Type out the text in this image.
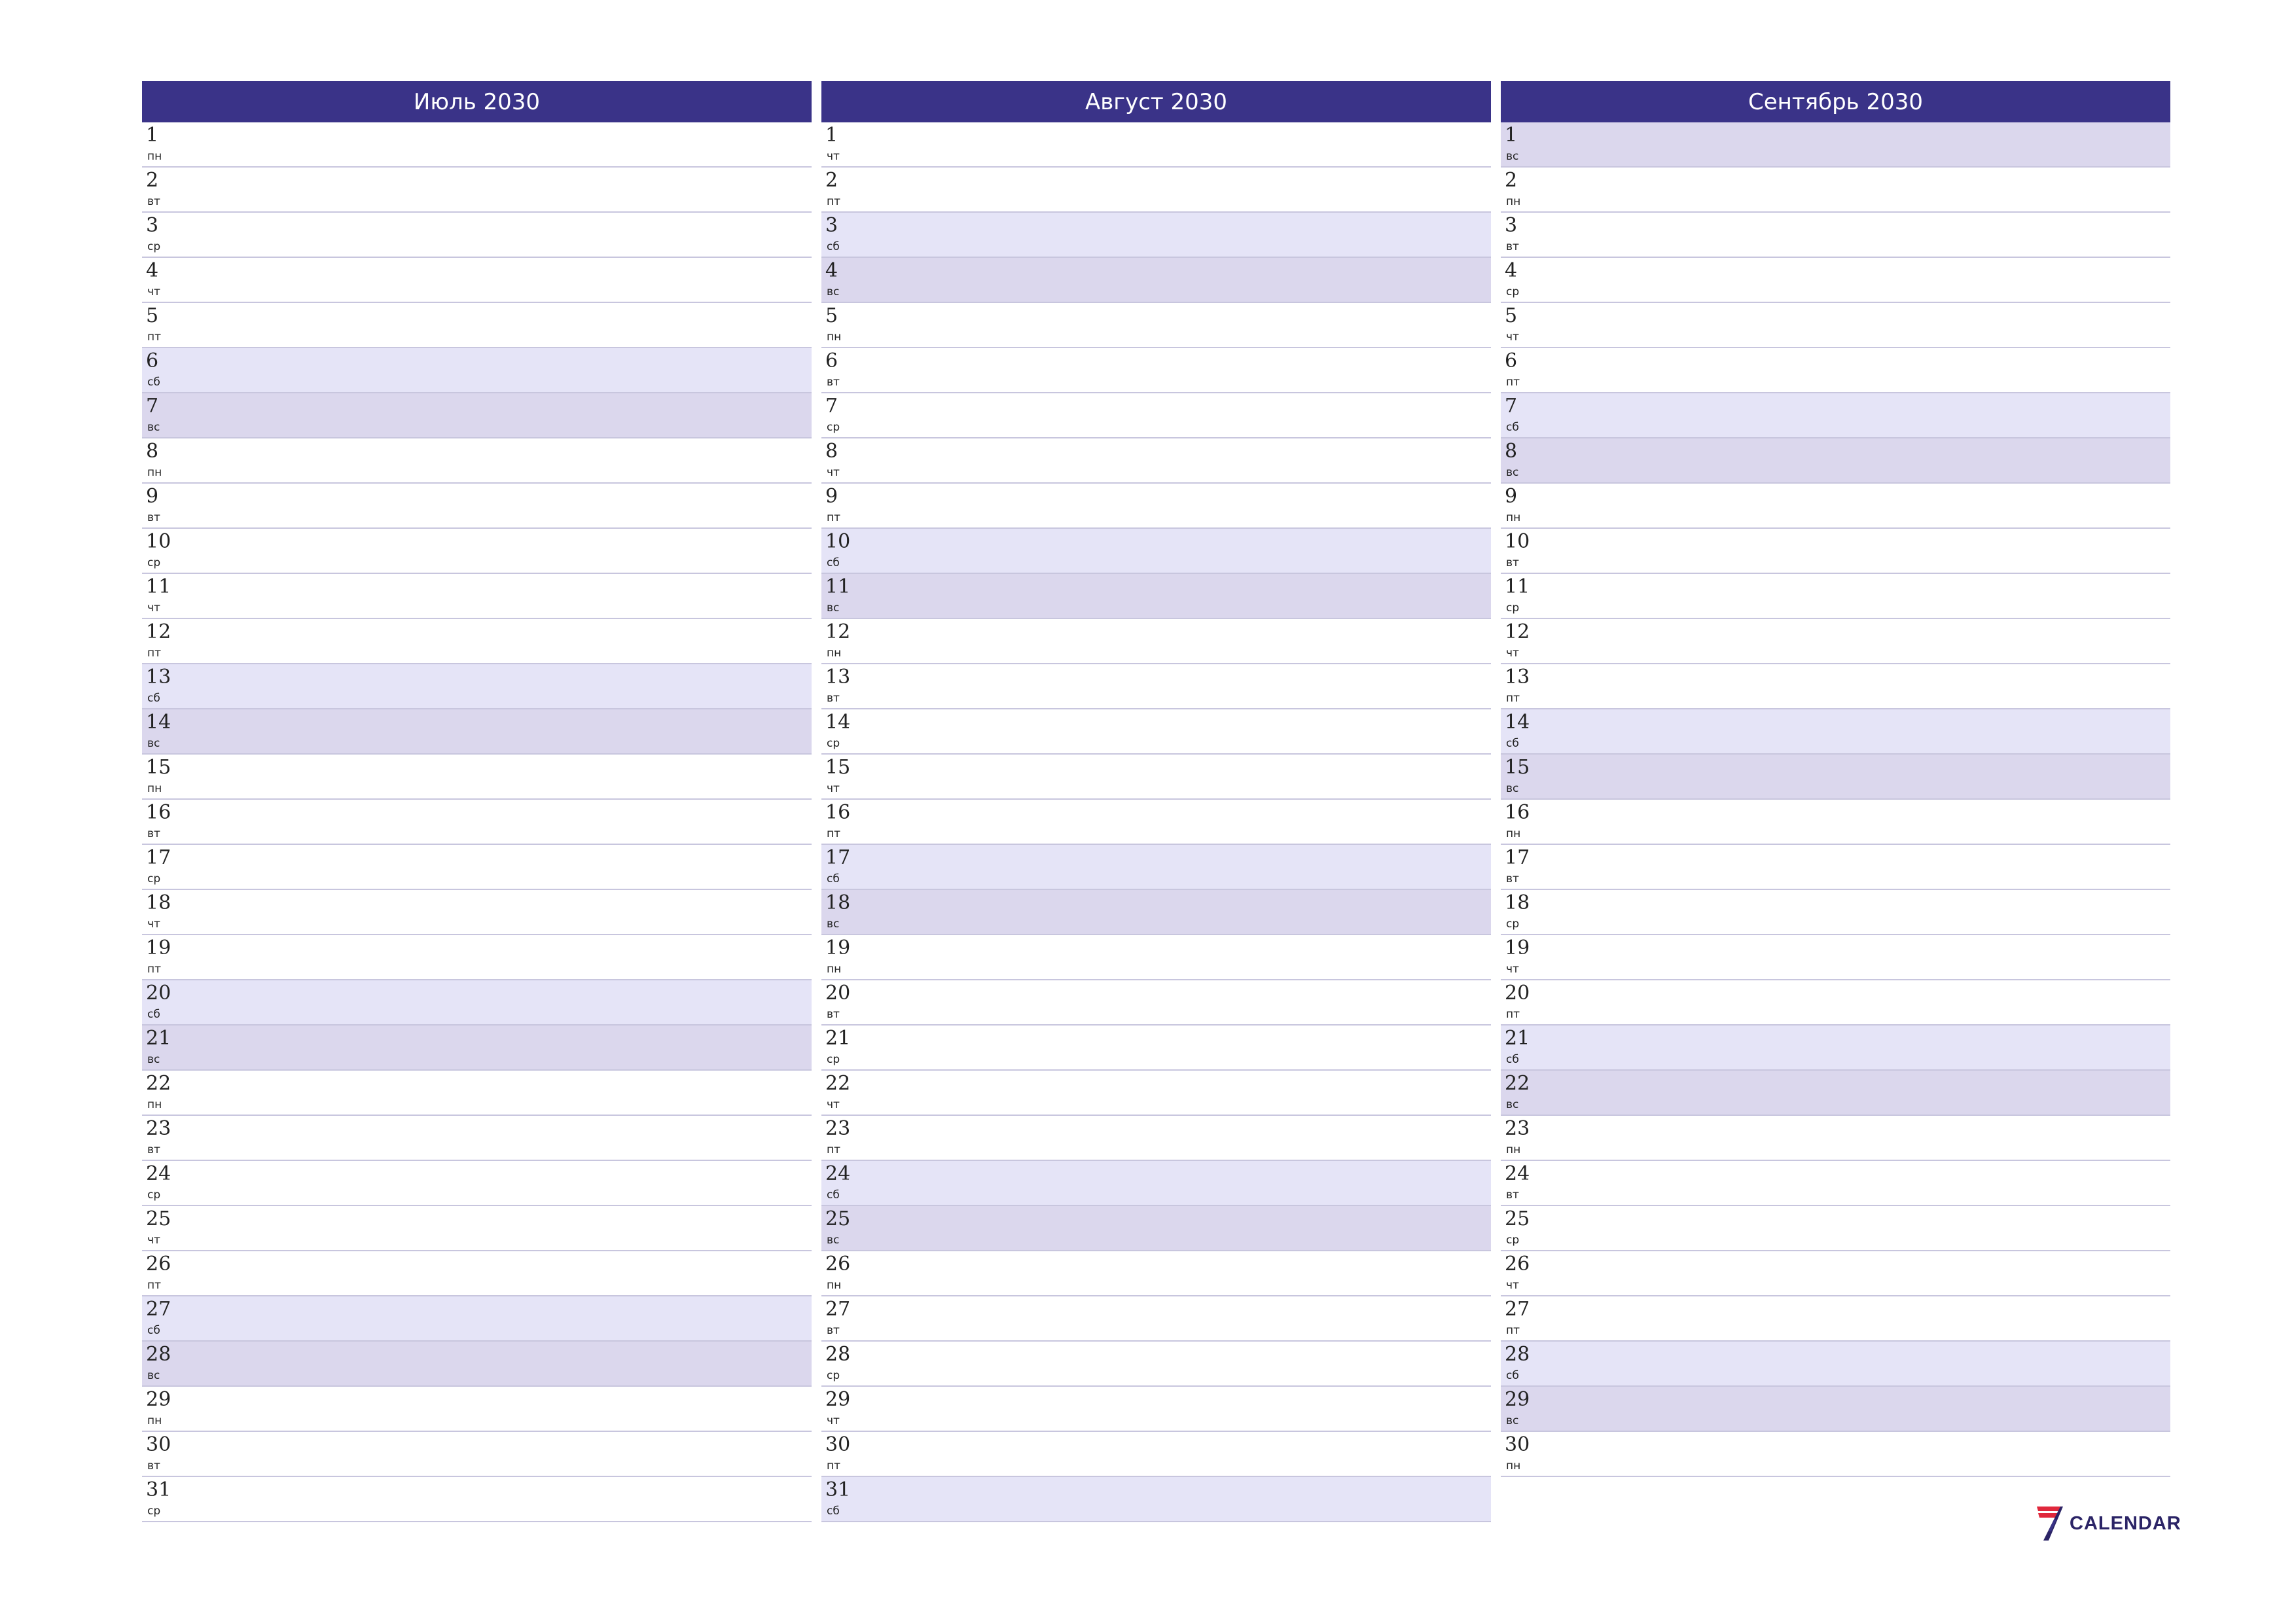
Июль 2030
1
пн
2
вт
3
ср
4
чт
5
пт
6
сб
7
вс
8
пн
9
вт
10
ср
11
чт
12
пт
13
сб
14
вс
15
пн
16
вт
17
ср
18
чт
19
пт
20
сб
21
вс
22
пн
23
вт
24
ср
25
чт
26
пт
27
сб
28
вс
29
пн
30
вт
31
ср
Август 2030
1
чт
2
пт
3
сб
4
вс
5
пн
6
вт
7
ср
8
чт
9
пт
10
сб
11
вс
12
пн
13
вт
14
ср
15
чт
16
пт
17
сб
18
вс
19
пн
20
вт
21
ср
22
чт
23
пт
24
сб
25
вс
26
пн
27
вт
28
ср
29
чт
30
пт
31
сб
Сентябрь 2030
1
вс
2
пн
3
вт
4
ср
5
чт
6
пт
7
сб
8
вс
9
пн
10
вт
11
ср
12
чт
13
пт
14
сб
15
вс
16
пн
17
вт
18
ср
19
чт
20
пт
21
сб
22
вс
23
пн
24
вт
25
ср
26
чт
27
пт
28
сб
29
вс
30
пн
CALENDAR
